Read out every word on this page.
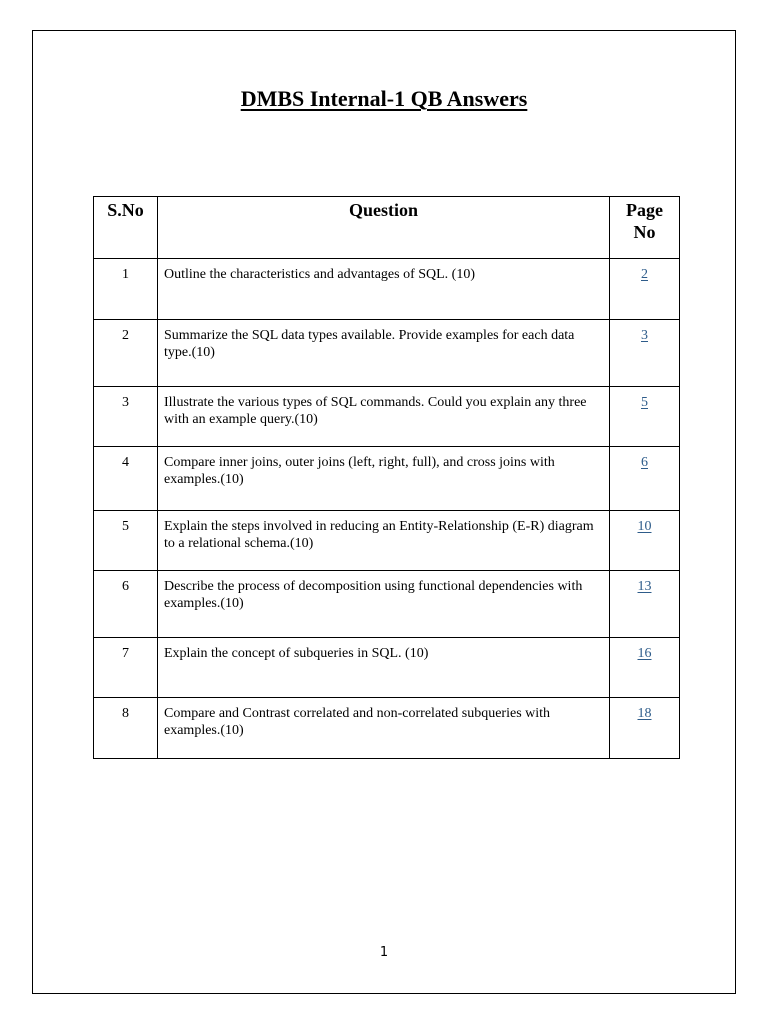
DMBS Internal-1 QB Answers
S.No	Question	Page No
1	Outline the characteristics and advantages of SQL. (10)	2
2	Summarize the SQL data types available. Provide examples for each data type.(10)	3
3	Illustrate the various types of SQL commands. Could you explain any three with an example query.(10)	5
4	Compare inner joins, outer joins (left, right, full), and cross joins with examples.(10)	6
5	Explain the steps involved in reducing an Entity-Relationship (E-R) diagram to a relational schema.(10)	10
6	Describe the process of decomposition using functional dependencies with examples.(10)	13
7	Explain the concept of subqueries in SQL. (10)	16
8	Compare and Contrast correlated and non-correlated subqueries with examples.(10)	18
1
